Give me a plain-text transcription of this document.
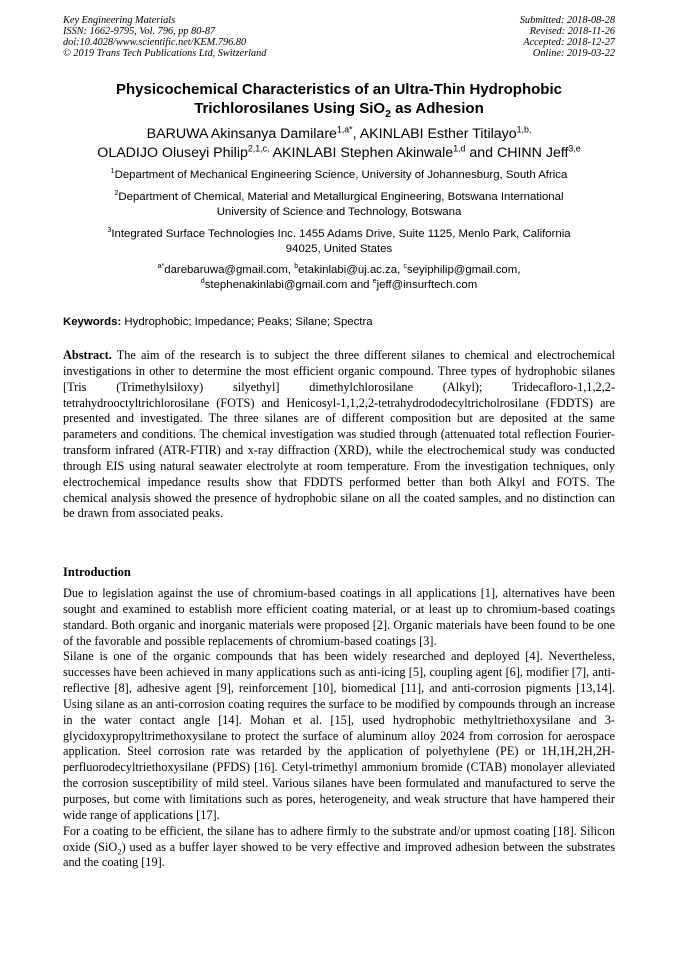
Key Engineering Materials
ISSN: 1662-9795, Vol. 796, pp 80-87
doi:10.4028/www.scientific.net/KEM.796.80
© 2019 Trans Tech Publications Ltd, Switzerland
Submitted: 2018-08-28
Revised: 2018-11-26
Accepted: 2018-12-27
Online: 2019-03-22
Physicochemical Characteristics of an Ultra-Thin Hydrophobic
Trichlorosilanes Using SiO$_2$ as Adhesion
BARUWA Akinsanya Damilare$^{1,a*}$, AKINLABI Esther Titilayo$^{1,b,}$
OLADIJO Oluseyi Philip$^{2,1,c,}$ AKINLABI Stephen Akinwale$^{1,d}$ and CHINN Jeff$^{3,e}$
$^1$Department of Mechanical Engineering Science, University of Johannesburg, South Africa
$^2$Department of Chemical, Material and Metallurgical Engineering, Botswana International
University of Science and Technology, Botswana
$^3$Integrated Surface Technologies Inc. 1455 Adams Drive, Suite 1125, Menlo Park, California
94025, United States
$^{a*}$darebaruwa@gmail.com, $^b$etakinlabi@uj.ac.za, $^c$seyiphilip@gmail.com,
$^d$stephenakinlabi@gmail.com and $^e$jeff@insurftech.com
Keywords: Hydrophobic; Impedance; Peaks; Silane; Spectra
Abstract. The aim of the research is to subject the three different silanes to chemical and electrochemical investigations in other to determine the most efficient organic compound. Three types of hydrophobic silanes [Tris (Trimethylsiloxy) silyethyl] dimethylchlorosilane (Alkyl); Tridecafloro-1,1,2,2-tetrahydrooctyltrichlorosilane (FOTS) and Henicosyl-1,1,2,2-tetrahydrododecyltricholrosilane (FDDTS) are presented and investigated. The three silanes are of different composition but are deposited at the same parameters and conditions. The chemical investigation was studied through (attenuated total reflection Fourier-transform infrared (ATR-FTIR) and x-ray diffraction (XRD), while the electrochemical study was conducted through EIS using natural seawater electrolyte at room temperature. From the investigation techniques, only electrochemical impedance results show that FDDTS performed better than both Alkyl and FOTS. The chemical analysis showed the presence of hydrophobic silane on all the coated samples, and no distinction can be drawn from associated peaks.
Introduction

Due to legislation against the use of chromium-based coatings in all applications [1], alternatives have been sought and examined to establish more efficient coating material, or at least up to chromium-based coatings standard. Both organic and inorganic materials were proposed [2]. Organic materials have been found to be one of the favorable and possible replacements of chromium-based coatings [3].

Silane is one of the organic compounds that has been widely researched and deployed [4]. Nevertheless, successes have been achieved in many applications such as anti-icing [5], coupling agent [6], modifier [7], anti-reflective [8], adhesive agent [9], reinforcement [10], biomedical [11], and anti-corrosion pigments [13,14]. Using silane as an anti-corrosion coating requires the surface to be modified by compounds through an increase in the water contact angle [14]. Mohan et al. [15], used hydrophobic methyltriethoxysilane and 3-glycidoxypropyltrimethoxysilane to protect the surface of aluminum alloy 2024 from corrosion for aerospace application. Steel corrosion rate was retarded by the application of polyethylene (PE) or 1H,1H,2H,2H-perfluorodecyltriethoxysilane (PFDS) [16]. Cetyl-trimethyl ammonium bromide (CTAB) monolayer alleviated the corrosion susceptibility of mild steel. Various silanes have been formulated and manufactured to serve the purposes, but come with limitations such as pores, heterogeneity, and weak structure that have hampered their wide range of applications [17].

For a coating to be efficient, the silane has to adhere firmly to the substrate and/or upmost coating [18]. Silicon oxide (SiO$_2$) used as a buffer layer showed to be very effective and improved adhesion between the substrates and the coating [19].
